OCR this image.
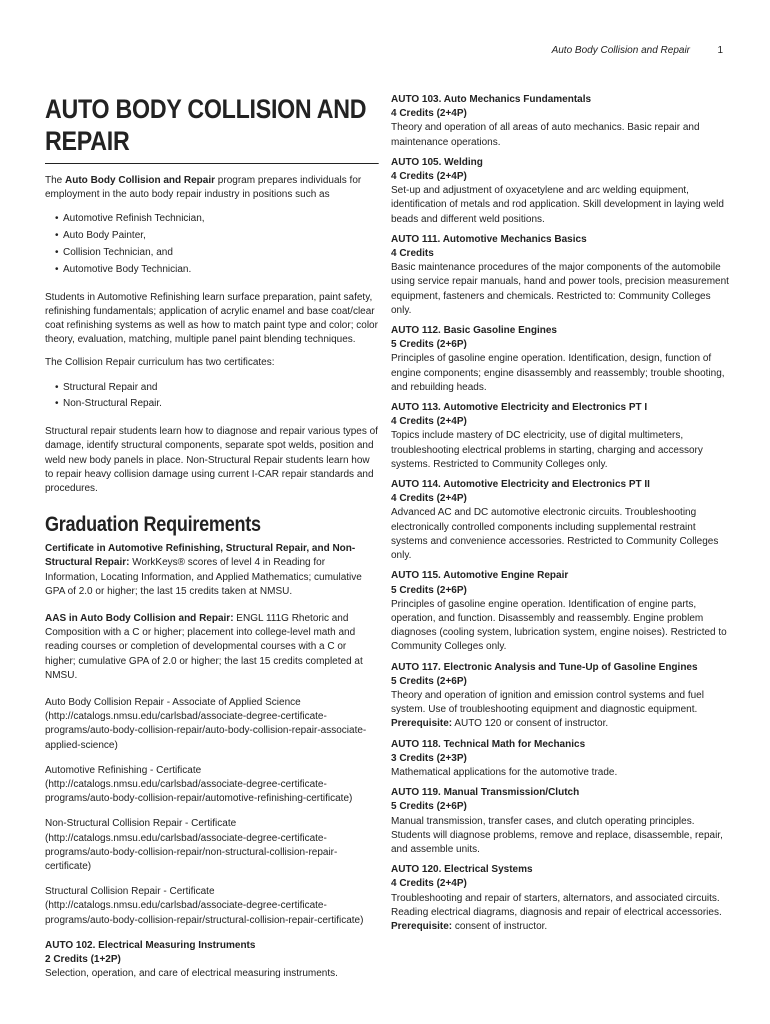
Auto Body Collision and Repair	1
AUTO BODY COLLISION AND REPAIR

The Auto Body Collision and Repair program prepares individuals for employment in the auto body repair industry in positions such as

• Automotive Refinish Technician,
• Auto Body Painter,
• Collision Technician, and
• Automotive Body Technician.

Students in Automotive Refinishing learn surface preparation, paint safety, refinishing fundamentals; application of acrylic enamel and base coat/clear coat refinishing systems as well as how to match paint type and color; color theory, evaluation, matching, multiple panel paint blending techniques.

The Collision Repair curriculum has two certificates:

• Structural Repair and
• Non-Structural Repair.

Structural repair students learn how to diagnose and repair various types of damage, identify structural components, separate spot welds, position and weld new body panels in place. Non-Structural Repair students learn how to repair heavy collision damage using current I-CAR repair standards and procedures.

Graduation Requirements

Certificate in Automotive Refinishing, Structural Repair, and Non-Structural Repair: WorkKeys® scores of level 4 in Reading for Information, Locating Information, and Applied Mathematics; cumulative GPA of 2.0 or higher; the last 15 credits taken at NMSU.

AAS in Auto Body Collision and Repair: ENGL 111G Rhetoric and Composition with a C or higher; placement into college-level math and reading courses or completion of developmental courses with a C or higher; cumulative GPA of 2.0 or higher; the last 15 credits completed at NMSU.

Auto Body Collision Repair - Associate of Applied Science (http://catalogs.nmsu.edu/carlsbad/associate-degree-certificate-programs/auto-body-collision-repair/auto-body-collision-repair-associate-applied-science)

Automotive Refinishing - Certificate (http://catalogs.nmsu.edu/carlsbad/associate-degree-certificate-programs/auto-body-collision-repair/automotive-refinishing-certificate)

Non-Structural Collision Repair - Certificate (http://catalogs.nmsu.edu/carlsbad/associate-degree-certificate-programs/auto-body-collision-repair/non-structural-collision-repair-certificate)

Structural Collision Repair - Certificate (http://catalogs.nmsu.edu/carlsbad/associate-degree-certificate-programs/auto-body-collision-repair/structural-collision-repair-certificate)

AUTO 102. Electrical Measuring Instruments
2 Credits (1+2P)
Selection, operation, and care of electrical measuring instruments.
AUTO 103. Auto Mechanics Fundamentals
4 Credits (2+4P)
Theory and operation of all areas of auto mechanics. Basic repair and maintenance operations.
AUTO 105. Welding
4 Credits (2+4P)
Set-up and adjustment of oxyacetylene and arc welding equipment, identification of metals and rod application. Skill development in laying weld beads and different weld positions.
AUTO 111. Automotive Mechanics Basics
4 Credits
Basic maintenance procedures of the major components of the automobile using service repair manuals, hand and power tools, precision measurement equipment, fasteners and chemicals. Restricted to: Community Colleges only.
AUTO 112. Basic Gasoline Engines
5 Credits (2+6P)
Principles of gasoline engine operation. Identification, design, function of engine components; engine disassembly and reassembly; trouble shooting, and rebuilding heads.
AUTO 113. Automotive Electricity and Electronics PT I
4 Credits (2+4P)
Topics include mastery of DC electricity, use of digital multimeters, troubleshooting electrical problems in starting, charging and accessory systems. Restricted to Community Colleges only.
AUTO 114. Automotive Electricity and Electronics PT II
4 Credits (2+4P)
Advanced AC and DC automotive electronic circuits. Troubleshooting electronically controlled components including supplemental restraint systems and convenience accessories. Restricted to Community Colleges only.
AUTO 115. Automotive Engine Repair
5 Credits (2+6P)
Principles of gasoline engine operation. Identification of engine parts, operation, and function. Disassembly and reassembly. Engine problem diagnoses (cooling system, lubrication system, engine noises). Restricted to Community Colleges only.
AUTO 117. Electronic Analysis and Tune-Up of Gasoline Engines
5 Credits (2+6P)
Theory and operation of ignition and emission control systems and fuel system. Use of troubleshooting equipment and diagnostic equipment.
Prerequisite: AUTO 120 or consent of instructor.
AUTO 118. Technical Math for Mechanics
3 Credits (2+3P)
Mathematical applications for the automotive trade.
AUTO 119. Manual Transmission/Clutch
5 Credits (2+6P)
Manual transmission, transfer cases, and clutch operating principles. Students will diagnose problems, remove and replace, disassemble, repair, and assemble units.
AUTO 120. Electrical Systems
4 Credits (2+4P)
Troubleshooting and repair of starters, alternators, and associated circuits. Reading electrical diagrams, diagnosis and repair of electrical accessories.
Prerequisite: consent of instructor.
